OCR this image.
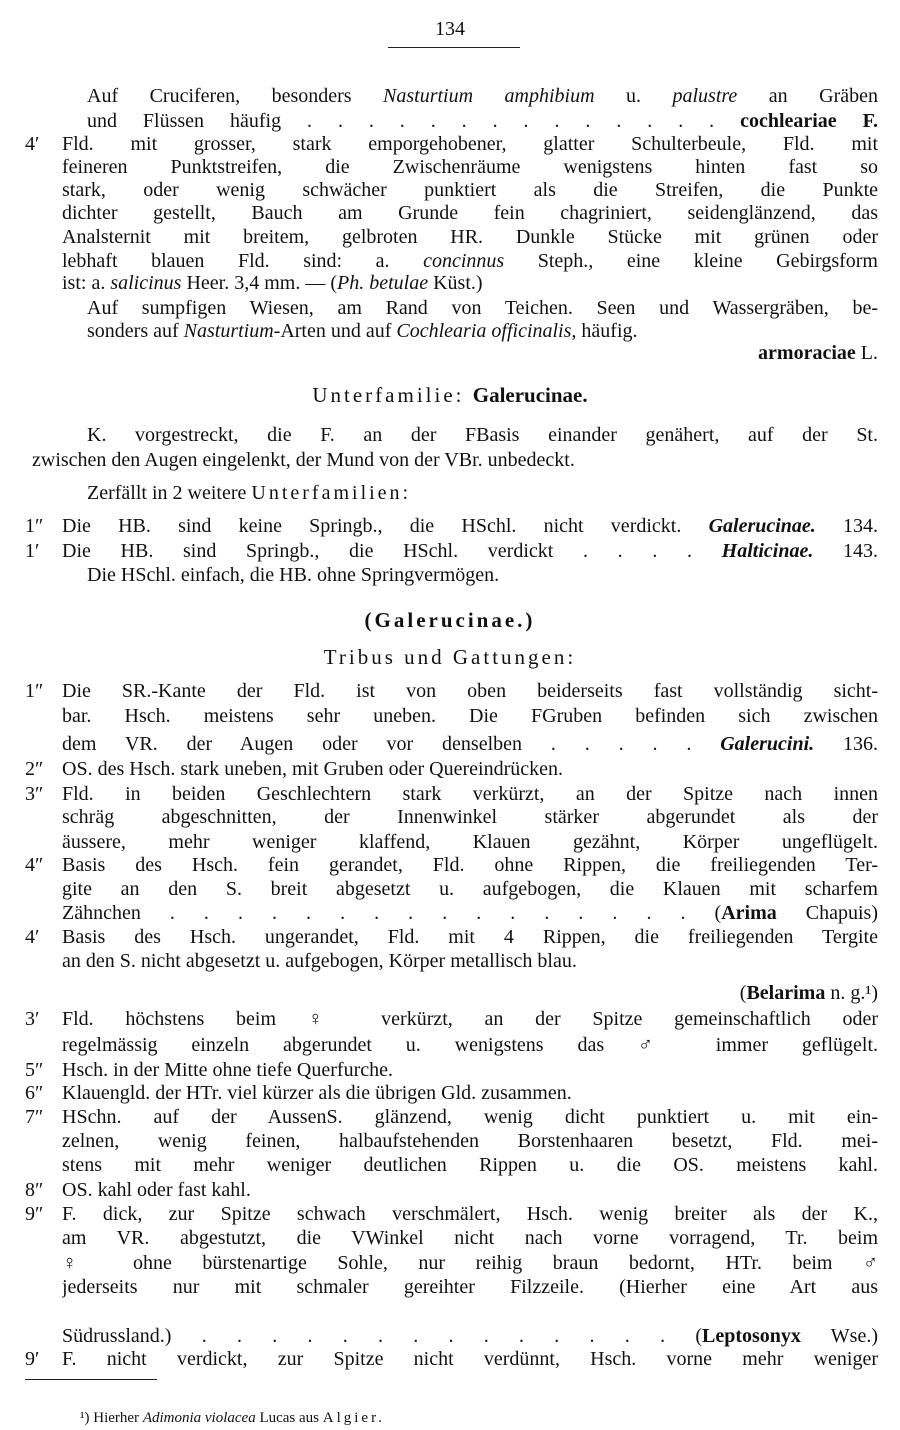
134
Auf Cruciferen, besonders Nasturtium amphibium u. palustre an Gräben
und Flüssen häufig . . . . . . . . . . . . . . cochleariae F.
4′ Fld. mit grosser, stark emporgehobener, glatter Schulterbeule, Fld. mit
feineren Punktstreifen, die Zwischenräume wenigstens hinten fast so
stark, oder wenig schwächer punktiert als die Streifen, die Punkte
dichter gestellt, Bauch am Grunde fein chagriniert, seidenglänzend, das
Analsternit mit breitem, gelbroten HR. Dunkle Stücke mit grünen oder
lebhaft blauen Fld. sind: a. concinnus Steph., eine kleine Gebirgsform
ist: a. salicinus Heer. 3,4 mm. — (Ph. betulae Küst.)
Auf sumpfigen Wiesen, am Rand von Teichen. Seen und Wassergräben, be-
sonders auf Nasturtium-Arten und auf Cochlearia officinalis, häufig.
armoraciae L.
Unterfamilie: Galerucinae.
K. vorgestreckt, die F. an der FBasis einander genähert, auf der St.
zwischen den Augen eingelenkt, der Mund von der VBr. unbedeckt.
Zerfällt in 2 weitere Unterfamilien:
1″ Die HB. sind keine Springb., die HSchl. nicht verdickt. Galerucinae. 134.
1′ Die HB. sind Springb., die HSchl. verdickt . . . . Halticinae. 143.
Die HSchl. einfach, die HB. ohne Springvermögen.
(Galerucinae.)
Tribus und Gattungen:
1″ Die SR.-Kante der Fld. ist von oben beiderseits fast vollständig sicht-
bar. Hsch. meistens sehr uneben. Die FGruben befinden sich zwischen
dem VR. der Augen oder vor denselben . . . . . Galerucini. 136.
2″ OS. des Hsch. stark uneben, mit Gruben oder Quereindrücken.
3″ Fld. in beiden Geschlechtern stark verkürzt, an der Spitze nach innen
schräg abgeschnitten, der Innenwinkel stärker abgerundet als der
äussere, mehr weniger klaffend, Klauen gezähnt, Körper ungeflügelt.
4″ Basis des Hsch. fein gerandet, Fld. ohne Rippen, die freiliegenden Ter-
gite an den S. breit abgesetzt u. aufgebogen, die Klauen mit scharfem
Zähnchen . . . . . . . . . . . . . . . . (Arima Chapuis)
4′ Basis des Hsch. ungerandet, Fld. mit 4 Rippen, die freiliegenden Tergite
an den S. nicht abgesetzt u. aufgebogen, Körper metallisch blau.
(Belarima n. g.¹)
3′ Fld. höchstens beim ♀ verkürzt, an der Spitze gemeinschaftlich oder
regelmässig einzeln abgerundet u. wenigstens das ♂ immer geflügelt.
5″ Hsch. in der Mitte ohne tiefe Querfurche.
6″ Klauengld. der HTr. viel kürzer als die übrigen Gld. zusammen.
7″ HSchn. auf der AussenS. glänzend, wenig dicht punktiert u. mit ein-
zelnen, wenig feinen, halbaufstehenden Borstenhaaren besetzt, Fld. mei-
stens mit mehr weniger deutlichen Rippen u. die OS. meistens kahl.
8″ OS. kahl oder fast kahl.
9″ F. dick, zur Spitze schwach verschmälert, Hsch. wenig breiter als der K.,
am VR. abgestutzt, die VWinkel nicht nach vorne vorragend, Tr. beim
♀ ohne bürstenartige Sohle, nur reihig braun bedornt, HTr. beim ♂
jederseits nur mit schmaler gereihter Filzzeile. (Hierher eine Art aus
Südrussland.) . . . . . . . . . . . . . . (Leptosonyx Wse.)
9′ F. nicht verdickt, zur Spitze nicht verdünnt, Hsch. vorne mehr weniger
¹) Hierher Adimonia violacea Lucas aus Algier.
